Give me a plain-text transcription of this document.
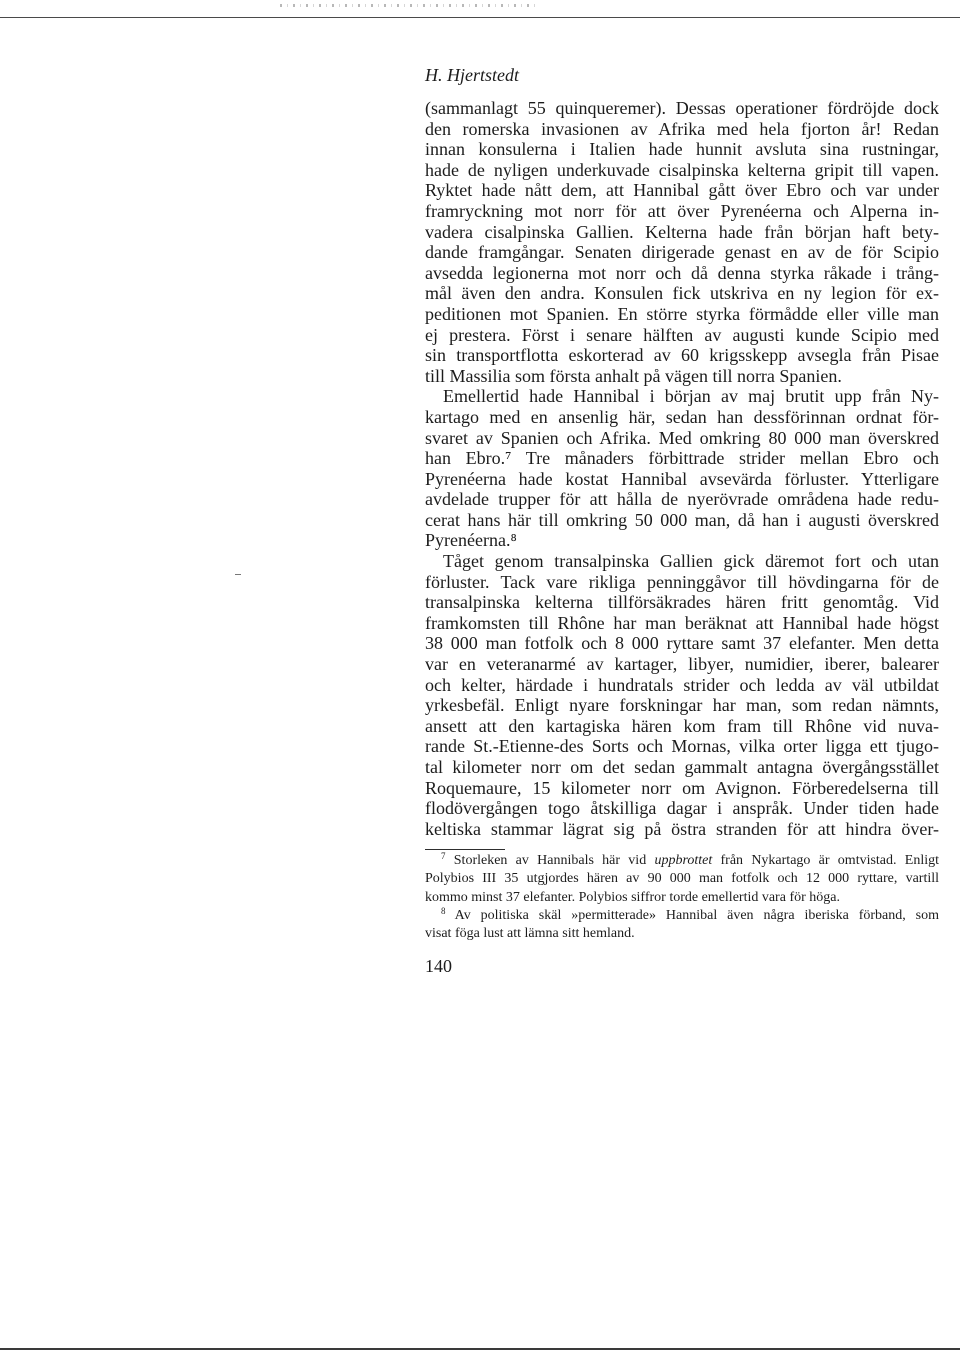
H. Hjertstedt
(sammanlagt 55 quinqueremer). Dessas operationer fördröjde dock
den romerska invasionen av Afrika med hela fjorton år! Redan
innan konsulerna i Italien hade hunnit avsluta sina rustningar,
hade de nyligen underkuvade cisalpinska kelterna gripit till vapen.
Ryktet hade nått dem, att Hannibal gått över Ebro och var under
framryckning mot norr för att över Pyrenéerna och Alperna in-
vadera cisalpinska Gallien. Kelterna hade från början haft bety-
dande framgångar. Senaten dirigerade genast en av de för Scipio
avsedda legionerna mot norr och då denna styrka råkade i trång-
mål även den andra. Konsulen fick utskriva en ny legion för ex-
peditionen mot Spanien. En större styrka förmådde eller ville man
ej prestera. Först i senare hälften av augusti kunde Scipio med
sin transportflotta eskorterad av 60 krigsskepp avsegla från Pisae
till Massilia som första anhalt på vägen till norra Spanien.
Emellertid hade Hannibal i början av maj brutit upp från Ny-
kartago med en ansenlig här, sedan han dessförinnan ordnat för-
svaret av Spanien och Afrika. Med omkring 80 000 man överskred
han Ebro.⁷ Tre månaders förbittrade strider mellan Ebro och
Pyrenéerna hade kostat Hannibal avsevärda förluster. Ytterligare
avdelade trupper för att hålla de nyerövrade områdena hade redu-
cerat hans här till omkring 50 000 man, då han i augusti överskred
Pyrenéerna.⁸
Tåget genom transalpinska Gallien gick däremot fort och utan
förluster. Tack vare rikliga penninggåvor till hövdingarna för de
transalpinska kelterna tillförsäkrades hären fritt genomtåg. Vid
framkomsten till Rhône har man beräknat att Hannibal hade högst
38 000 man fotfolk och 8 000 ryttare samt 37 elefanter. Men detta
var en veteranarmé av kartager, libyer, numidier, iberer, balearer
och kelter, härdade i hundratals strider och ledda av väl utbildat
yrkesbefäl. Enligt nyare forskningar har man, som redan nämnts,
ansett att den kartagiska hären kom fram till Rhône vid nuva-
rande St.-Etienne-des Sorts och Mornas, vilka orter ligga ett tjugo-
tal kilometer norr om det sedan gammalt antagna övergångsstället
Roquemaure, 15 kilometer norr om Avignon. Förberedelserna till
flodövergången togo åtskilliga dagar i anspråk. Under tiden hade
keltiska stammar lägrat sig på östra stranden för att hindra över-
$^7$ Storleken av Hannibals här vid uppbrottet från Nykartago är omtvistad. Enligt
Polybios III 35 utgjordes hären av 90 000 man fotfolk och 12 000 ryttare, vartill
kommo minst 37 elefanter. Polybios siffror torde emellertid vara för höga.
$^8$ Av politiska skäl »permitterade» Hannibal även några iberiska förband, som
visat föga lust att lämna sitt hemland.
140
